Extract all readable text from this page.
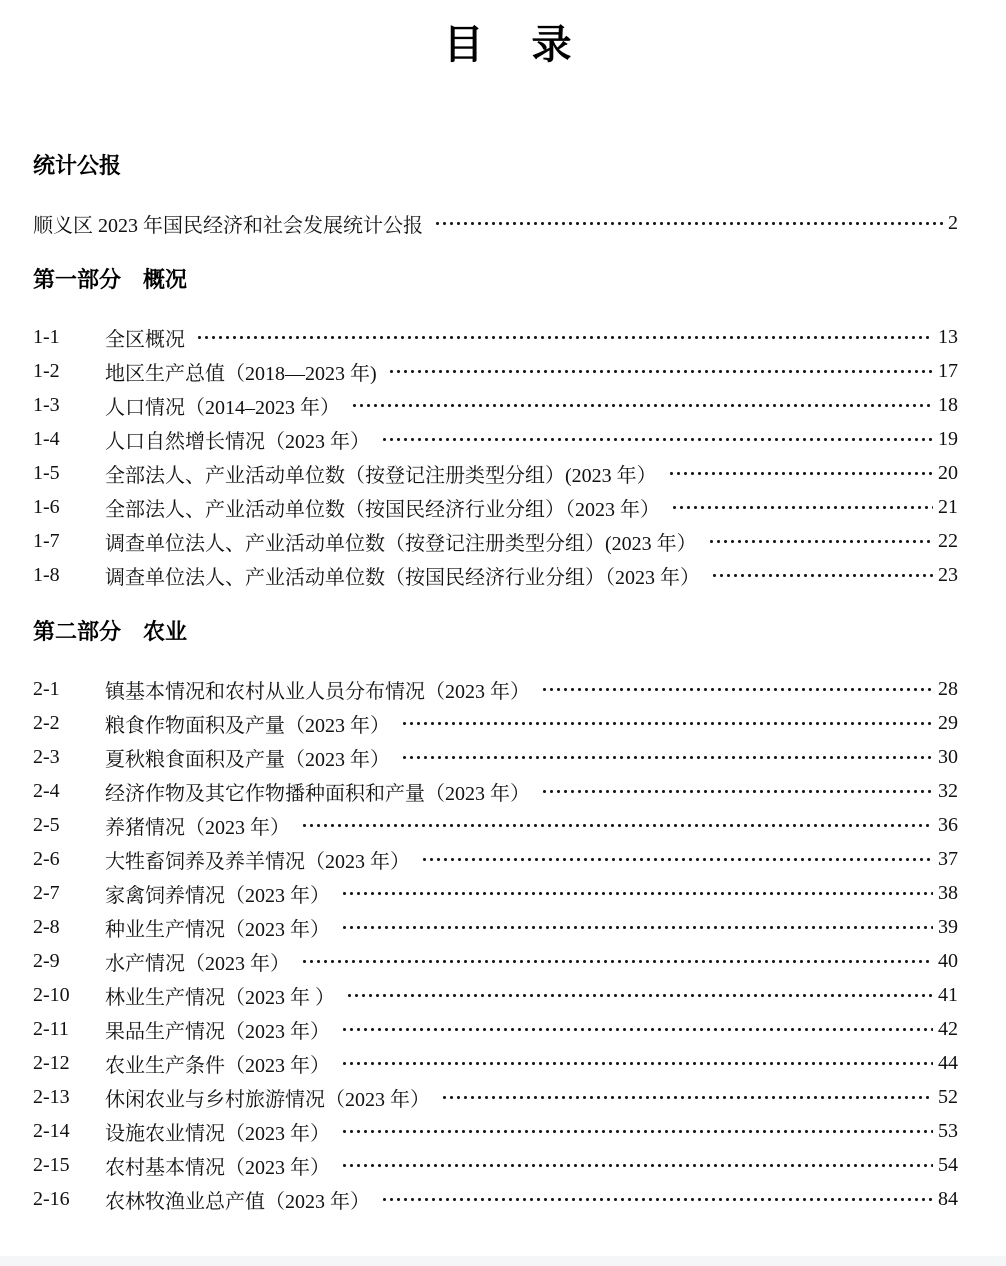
目　录
统计公报
顺义区 2023 年国民经济和社会发展统计公报	2
第一部分　概况
1-1	全区概况	13
1-2	地区生产总值（2018—2023 年)	17
1-3	人口情况（2014–2023 年）	18
1-4	人口自然增长情况（2023 年）	19
1-5	全部法人、产业活动单位数（按登记注册类型分组）(2023 年）	20
1-6	全部法人、产业活动单位数（按国民经济行业分组）（2023 年）	21
1-7	调查单位法人、产业活动单位数（按登记注册类型分组）(2023 年）	22
1-8	调查单位法人、产业活动单位数（按国民经济行业分组）（2023 年）	23
第二部分　农业
2-1	镇基本情况和农村从业人员分布情况（2023 年）	28
2-2	粮食作物面积及产量（2023 年）	29
2-3	夏秋粮食面积及产量（2023 年）	30
2-4	经济作物及其它作物播种面积和产量（2023 年）	32
2-5	养猪情况（2023 年）	36
2-6	大牲畜饲养及养羊情况（2023 年）	37
2-7	家禽饲养情况（2023 年）	38
2-8	种业生产情况（2023 年）	39
2-9	水产情况（2023 年）	40
2-10	林业生产情况（2023 年 ）	41
2-11	果品生产情况（2023 年）	42
2-12	农业生产条件（2023 年）	44
2-13	休闲农业与乡村旅游情况（2023 年）	52
2-14	设施农业情况（2023 年）	53
2-15	农村基本情况（2023 年）	54
2-16	农林牧渔业总产值（2023 年）	84
